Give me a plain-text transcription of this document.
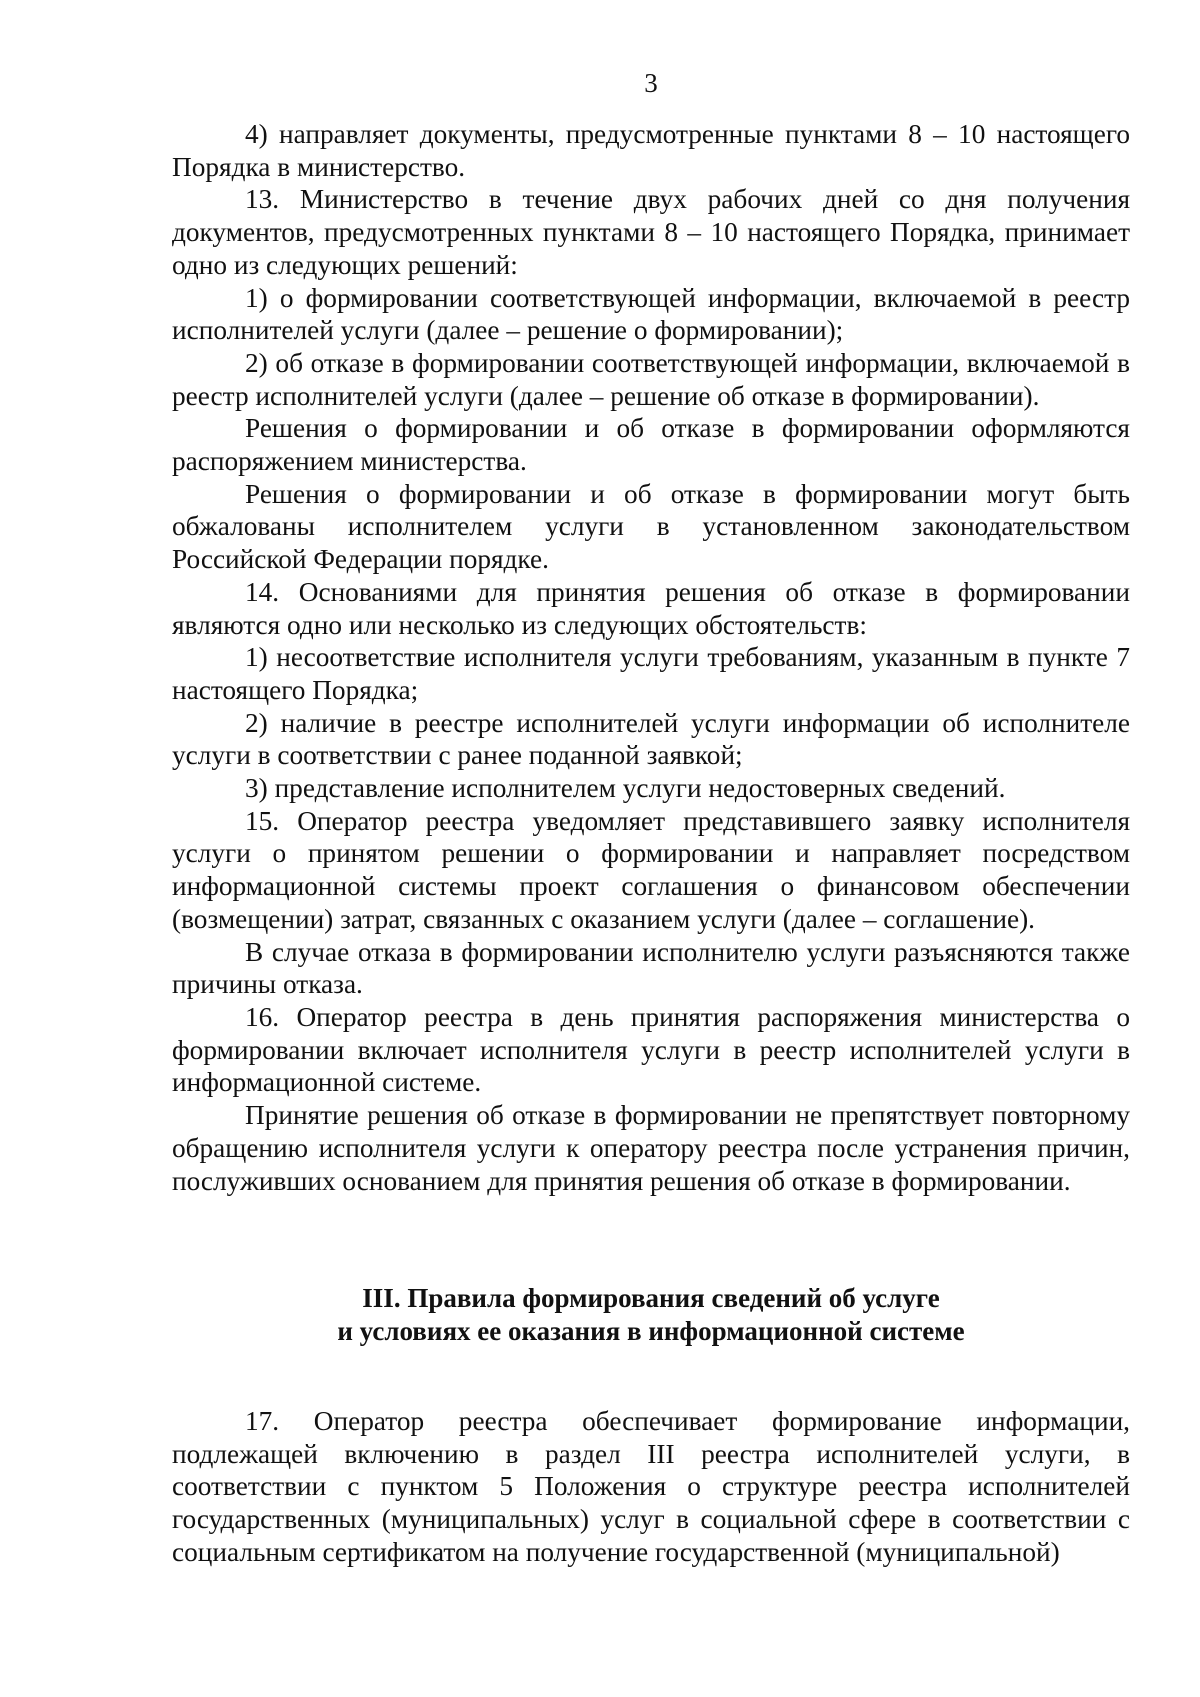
3

4) направляет документы, предусмотренные пунктами 8 – 10 настоящего Порядка в министерство.

13. Министерство в течение двух рабочих дней со дня получения документов, предусмотренных пунктами 8 – 10 настоящего Порядка, принимает одно из следующих решений:

1) о формировании соответствующей информации, включаемой в реестр исполнителей услуги (далее – решение о формировании);

2) об отказе в формировании соответствующей информации, включаемой в реестр исполнителей услуги (далее – решение об отказе в формировании).

Решения о формировании и об отказе в формировании оформляются распоряжением министерства.

Решения о формировании и об отказе в формировании могут быть обжалованы исполнителем услуги в установленном законодательством Российской Федерации порядке.

14. Основаниями для принятия решения об отказе в формировании являются одно или несколько из следующих обстоятельств:

1) несоответствие исполнителя услуги требованиям, указанным в пункте 7 настоящего Порядка;

2) наличие в реестре исполнителей услуги информации об исполнителе услуги в соответствии с ранее поданной заявкой;

3) представление исполнителем услуги недостоверных сведений.

15. Оператор реестра уведомляет представившего заявку исполнителя услуги о принятом решении о формировании и направляет посредством информационной системы проект соглашения о финансовом обеспечении (возмещении) затрат, связанных с оказанием услуги (далее – соглашение).

В случае отказа в формировании исполнителю услуги разъясняются также причины отказа.

16. Оператор реестра в день принятия распоряжения министерства о формировании включает исполнителя услуги в реестр исполнителей услуги в информационной системе.

Принятие решения об отказе в формировании не препятствует повторному обращению исполнителя услуги к оператору реестра после устранения причин, послуживших основанием для принятия решения об отказе в формировании.

III. Правила формирования сведений об услуге
и условиях ее оказания в информационной системе

17. Оператор реестра обеспечивает формирование информации, подлежащей включению в раздел III реестра исполнителей услуги, в соответствии с пунктом 5 Положения о структуре реестра исполнителей государственных (муниципальных) услуг в социальной сфере в соответствии с социальным сертификатом на получение государственной (муниципальной)
